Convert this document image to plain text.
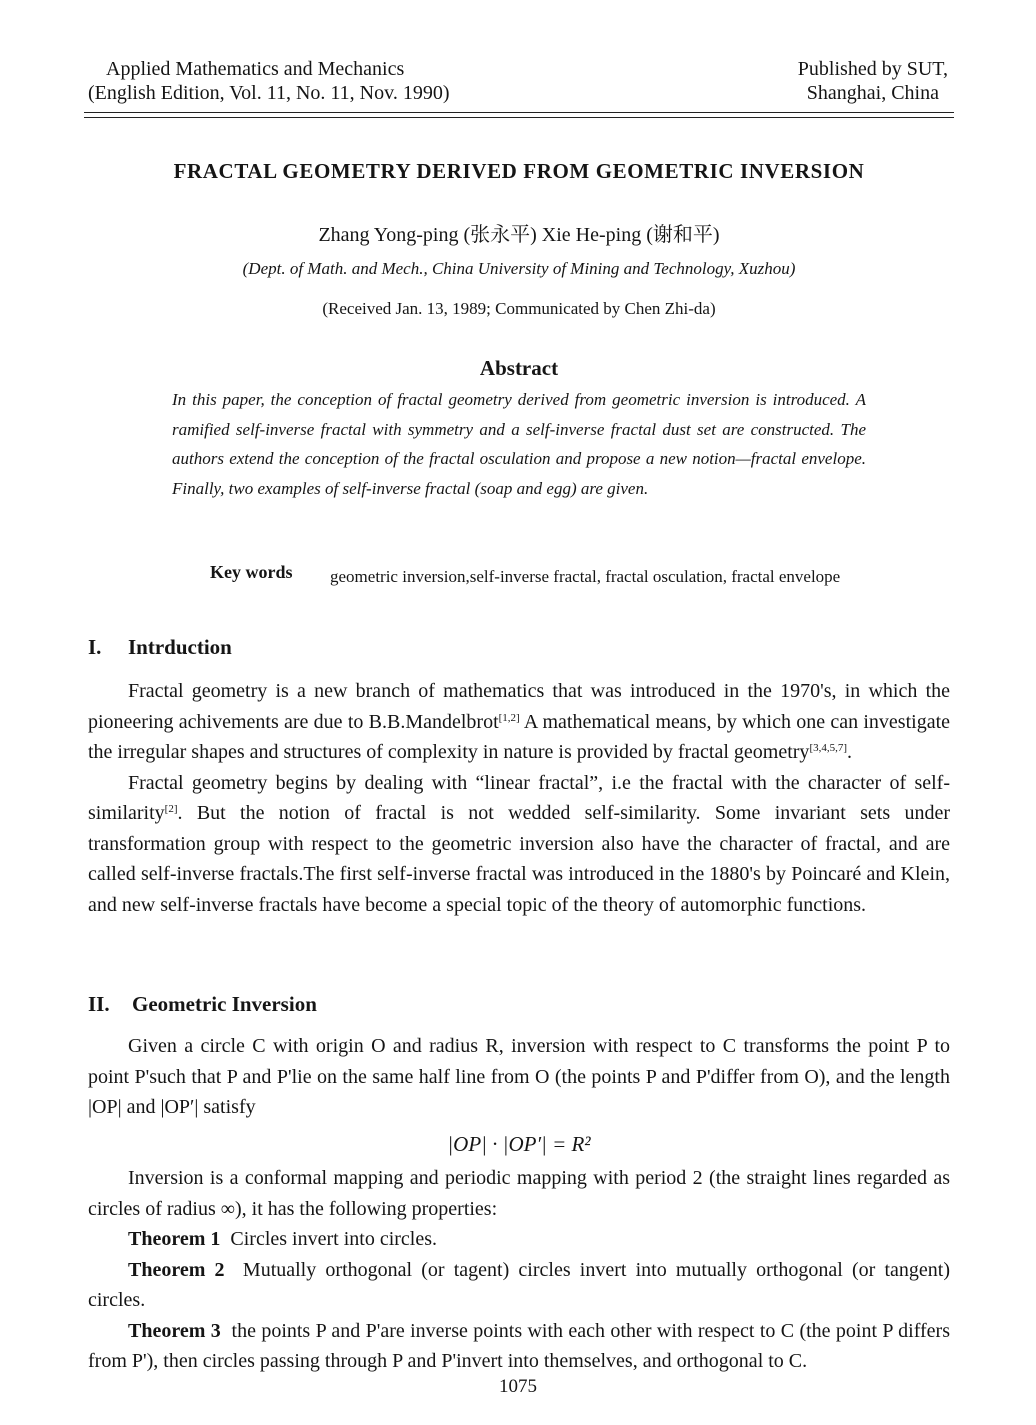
Applied Mathematics and Mechanics
(English Edition, Vol. 11, No. 11, Nov. 1990)
Published by SUT,
Shanghai, China
FRACTAL GEOMETRY DERIVED FROM GEOMETRIC INVERSION
Zhang Yong-ping (张永平) Xie He-ping (谢和平)
(Dept. of Math. and Mech., China University of Mining and Technology, Xuzhou)
(Received Jan. 13, 1989; Communicated by Chen Zhi-da)
Abstract
In this paper, the conception of fractal geometry derived from geometric inversion is introduced. A ramified self-inverse fractal with symmetry and a self-inverse fractal dust set are constructed. The authors extend the conception of the fractal osculation and propose a new notion—fractal envelope. Finally, two examples of self-inverse fractal (soap and egg) are given.
Key words geometric inversion,self-inverse fractal, fractal osculation, fractal envelope
I. Intrduction

Fractal geometry is a new branch of mathematics that was introduced in the 1970's, in which the pioneering achivements are due to B.B.Mandelbrot[1,2] A mathematical means, by which one can investigate the irregular shapes and structures of complexity in nature is provided by fractal geometry[3,4,5,7].

Fractal geometry begins by dealing with “linear fractal”, i.e the fractal with the character of self-similarity[2]. But the notion of fractal is not wedded self-similarity. Some invariant sets under transformation group with respect to the geometric inversion also have the character of fractal, and are called self-inverse fractals.The first self-inverse fractal was introduced in the 1880's by Poincaré and Klein, and new self-inverse fractals have become a special topic of the theory of automorphic functions.

II. Geometric Inversion

Given a circle C with origin O and radius R, inversion with respect to C transforms the point P to point P'such that P and P'lie on the same half line from O (the points P and P'differ from O), and the length |OP| and |OP′| satisfy

|OP| · |OP′| = R²

Inversion is a conformal mapping and periodic mapping with period 2 (the straight lines regarded as circles of radius ∞), it has the following properties:

Theorem 1 Circles invert into circles.

Theorem 2 Mutually orthogonal (or tagent) circles invert into mutually orthogonal (or tangent) circles.

Theorem 3 the points P and P'are inverse points with each other with respect to C (the point P differs from P'), then circles passing through P and P'invert into themselves, and orthogonal to C.

1075
